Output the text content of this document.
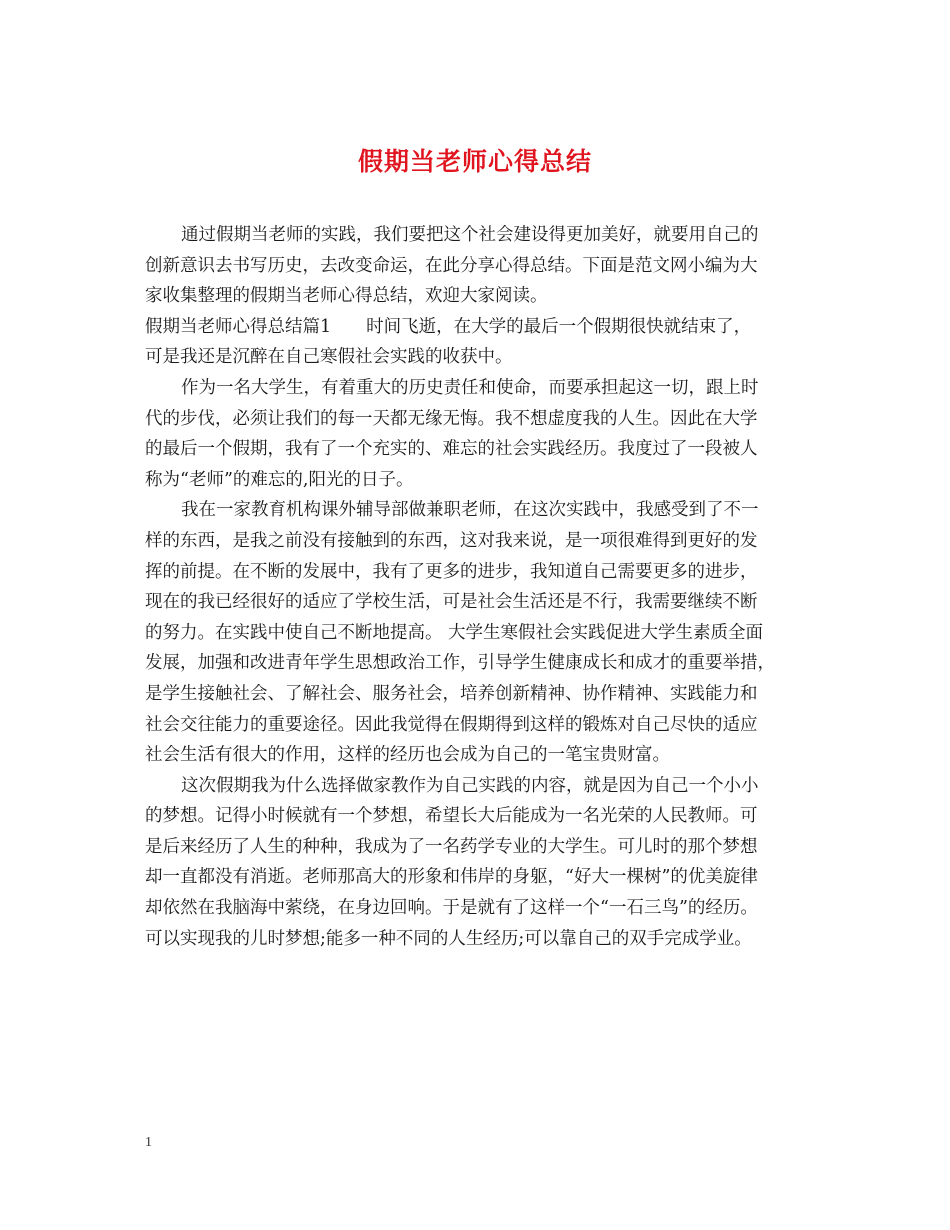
假期当老师心得总结
通过假期当老师的实践，我们要把这个社会建设得更加美好，就要用自己的
创新意识去书写历史，去改变命运，在此分享心得总结。下面是范文网小编为大
家收集整理的假期当老师心得总结，欢迎大家阅读。
假期当老师心得总结篇1　　时间飞逝，在大学的最后一个假期很快就结束了，
可是我还是沉醉在自己寒假社会实践的收获中。
作为一名大学生，有着重大的历史责任和使命，而要承担起这一切，跟上时
代的步伐，必须让我们的每一天都无缘无悔。我不想虚度我的人生。因此在大学
的最后一个假期，我有了一个充实的、难忘的社会实践经历。我度过了一段被人
称为“老师”的难忘的,阳光的日子。
我在一家教育机构课外辅导部做兼职老师，在这次实践中，我感受到了不一
样的东西，是我之前没有接触到的东西，这对我来说，是一项很难得到更好的发
挥的前提。在不断的发展中，我有了更多的进步，我知道自己需要更多的进步，
现在的我已经很好的适应了学校生活，可是社会生活还是不行，我需要继续不断
的努力。在实践中使自己不断地提高。 大学生寒假社会实践促进大学生素质全面
发展，加强和改进青年学生思想政治工作，引导学生健康成长和成才的重要举措，
是学生接触社会、了解社会、服务社会，培养创新精神、协作精神、实践能力和
社会交往能力的重要途径。因此我觉得在假期得到这样的锻炼对自己尽快的适应
社会生活有很大的作用，这样的经历也会成为自己的一笔宝贵财富。
这次假期我为什么选择做家教作为自己实践的内容，就是因为自己一个小小
的梦想。记得小时候就有一个梦想，希望长大后能成为一名光荣的人民教师。可
是后来经历了人生的种种，我成为了一名药学专业的大学生。可儿时的那个梦想
却一直都没有消逝。老师那高大的形象和伟岸的身躯，“好大一棵树”的优美旋律
却依然在我脑海中萦绕，在身边回响。于是就有了这样一个“一石三鸟”的经历。
可以实现我的儿时梦想;能多一种不同的人生经历;可以靠自己的双手完成学业。
1
